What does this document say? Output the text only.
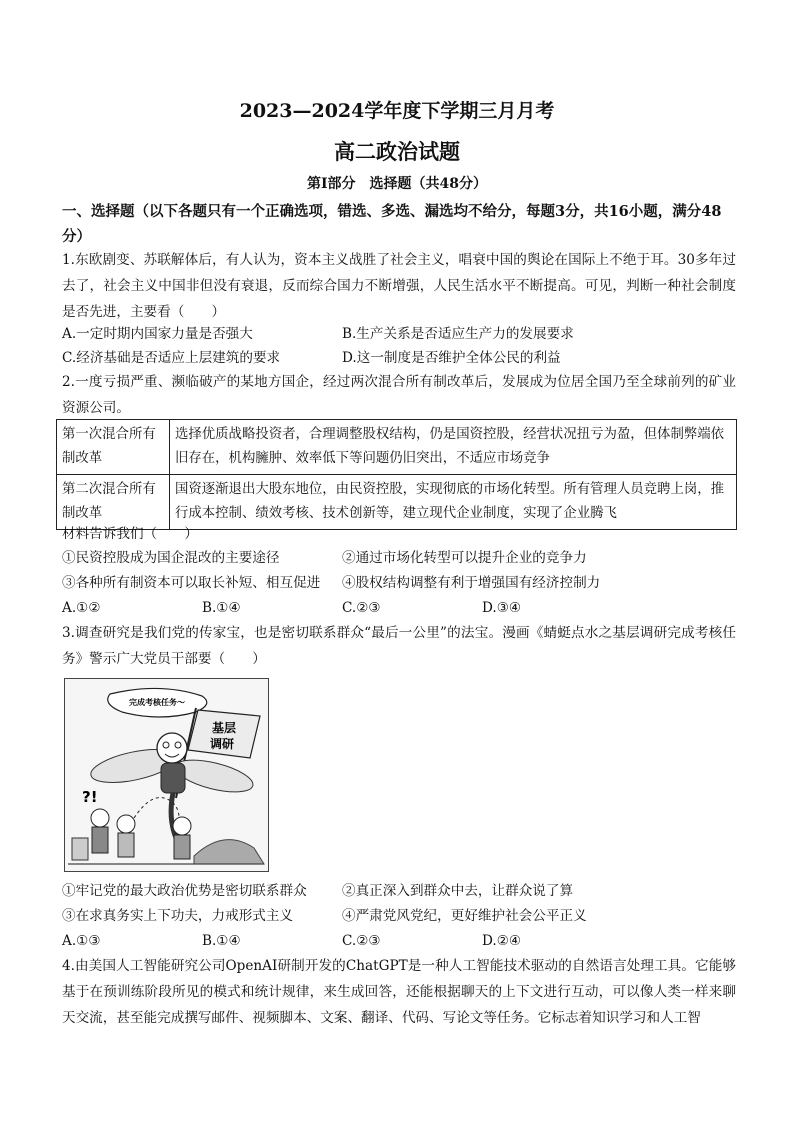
2023—2024学年度下学期三月月考
高二政治试题
第Ⅰ部分　选择题（共48分）
一、选择题（以下各题只有一个正确选项，错选、多选、漏选均不给分，每题3分，共16小题，满分48分）
1.东欧剧变、苏联解体后，有人认为，资本主义战胜了社会主义，唱衰中国的舆论在国际上不绝于耳。30多年过去了，社会主义中国非但没有衰退，反而综合国力不断增强，人民生活水平不断提高。可见，判断一种社会制度是否先进，主要看（　　）
A.一定时期内国家力量是否强大	B.生产关系是否适应生产力的发展要求
C.经济基础是否适应上层建筑的要求	D.这一制度是否维护全体公民的利益
2.一度亏损严重、濒临破产的某地方国企，经过两次混合所有制改革后，发展成为位居全国乃至全球前列的矿业资源公司。
第一次混合所有制改革	选择优质战略投资者，合理调整股权结构，仍是国资控股，经营状况扭亏为盈，但体制弊端依旧存在，机构臃肿、效率低下等问题仍旧突出，不适应市场竞争
第二次混合所有制改革	国资逐渐退出大股东地位，由民资控股，实现彻底的市场化转型。所有管理人员竞聘上岗，推行成本控制、绩效考核、技术创新等，建立现代企业制度，实现了企业腾飞
材料告诉我们（　　）
①民资控股成为国企混改的主要途径	②通过市场化转型可以提升企业的竞争力
③各种所有制资本可以取长补短、相互促进 ④股权结构调整有利于增强国有经济控制力
A.①②	B.①④	C.②③	D.③④
3.调查研究是我们党的传家宝，也是密切联系群众“最后一公里”的法宝。漫画《蜻蜓点水之基层调研完成考核任务》警示广大党员干部要（　　）
完成考核任务～
基层
调研
?!
①牢记党的最大政治优势是密切联系群众	②真正深入到群众中去，让群众说了算
③在求真务实上下功夫，力戒形式主义	④严肃党风党纪，更好维护社会公平正义
A.①③	B.①④	C.②③	D.②④
4.由美国人工智能研究公司OpenAI研制开发的ChatGPT是一种人工智能技术驱动的自然语言处理工具。它能够基于在预训练阶段所见的模式和统计规律，来生成回答，还能根据聊天的上下文进行互动，可以像人类一样来聊天交流，甚至能完成撰写邮件、视频脚本、文案、翻译、代码、写论文等任务。它标志着知识学习和人工智
